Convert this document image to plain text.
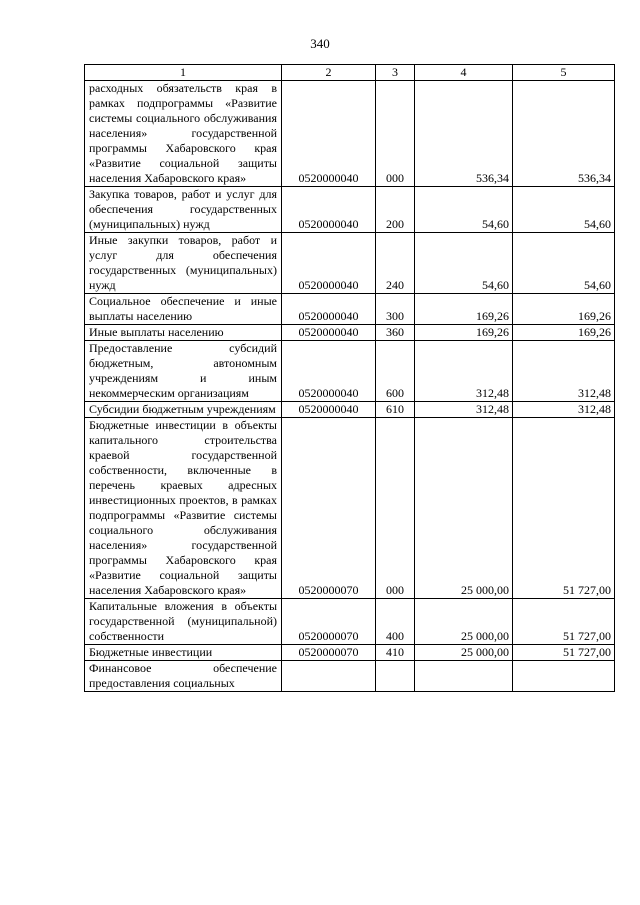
340
1	2	3	4	5
расходных обязательств края в рамках подпрограммы «Развитие системы социального обслуживания населения» государственной программы Хабаровского края «Развитие социальной защиты населения Хабаровского края»	0520000040	000	536,34	536,34
Закупка товаров, работ и услуг для обеспечения государственных (муниципальных) нужд	0520000040	200	54,60	54,60
Иные закупки товаров, работ и услуг для обеспечения государственных (муниципальных) нужд	0520000040	240	54,60	54,60
Социальное обеспечение и иные выплаты населению	0520000040	300	169,26	169,26
Иные выплаты населению	0520000040	360	169,26	169,26
Предоставление субсидий бюджетным, автономным учреждениям и иным некоммерческим организациям	0520000040	600	312,48	312,48
Субсидии бюджетным учреждениям	0520000040	610	312,48	312,48
Бюджетные инвестиции в объекты капитального строительства краевой государственной собственности, включенные в перечень краевых адресных инвестиционных проектов, в рамках подпрограммы «Развитие системы социального обслуживания населения» государственной программы Хабаровского края «Развитие социальной защиты населения Хабаровского края»	0520000070	000	25 000,00	51 727,00
Капитальные вложения в объекты государственной (муниципальной) собственности	0520000070	400	25 000,00	51 727,00
Бюджетные инвестиции	0520000070	410	25 000,00	51 727,00
Финансовое обеспечение предоставления социальных				
